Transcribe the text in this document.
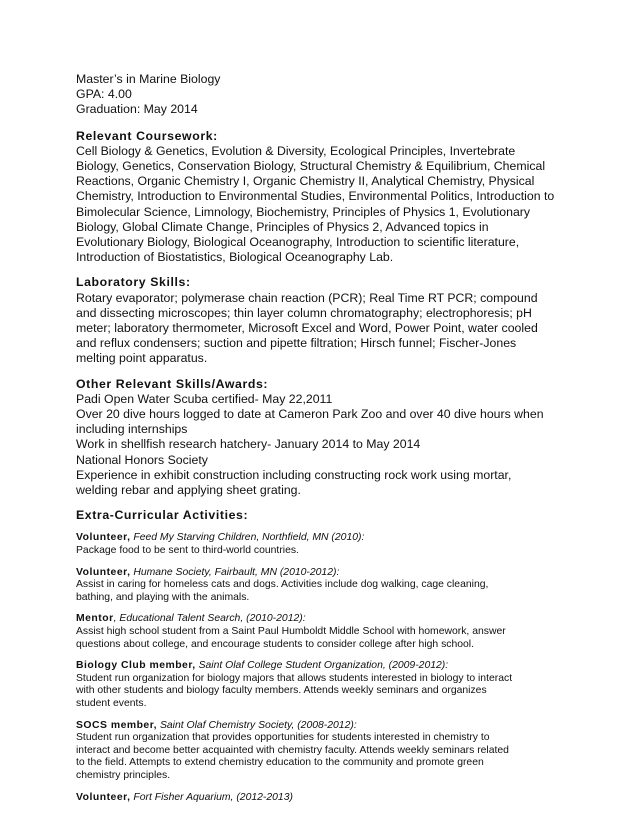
Master’s in Marine Biology
GPA: 4.00
Graduation: May 2014
Relevant Coursework:
Cell Biology & Genetics, Evolution & Diversity, Ecological Principles, Invertebrate
Biology, Genetics, Conservation Biology, Structural Chemistry & Equilibrium, Chemical
Reactions, Organic Chemistry I, Organic Chemistry II, Analytical Chemistry, Physical
Chemistry, Introduction to Environmental Studies, Environmental Politics, Introduction to
Bimolecular Science, Limnology, Biochemistry, Principles of Physics 1, Evolutionary
Biology, Global Climate Change, Principles of Physics 2, Advanced topics in
Evolutionary Biology, Biological Oceanography, Introduction to scientific literature,
Introduction of Biostatistics, Biological Oceanography Lab.
Laboratory Skills:
Rotary evaporator; polymerase chain reaction (PCR); Real Time RT PCR; compound
and dissecting microscopes; thin layer column chromatography; electrophoresis; pH
meter; laboratory thermometer, Microsoft Excel and Word, Power Point, water cooled
and reflux condensers; suction and pipette filtration; Hirsch funnel; Fischer-Jones
melting point apparatus.
Other Relevant Skills/Awards:
Padi Open Water Scuba certified- May 22,2011
Over 20 dive hours logged to date at Cameron Park Zoo and over 40 dive hours when
including internships
Work in shellfish research hatchery- January 2014 to May 2014
National Honors Society
Experience in exhibit construction including constructing rock work using mortar,
welding rebar and applying sheet grating.
Extra-Curricular Activities:
Volunteer, Feed My Starving Children, Northfield, MN (2010):
Package food to be sent to third-world countries.
Volunteer, Humane Society, Fairbault, MN (2010-2012):
Assist in caring for homeless cats and dogs. Activities include dog walking, cage cleaning,
bathing, and playing with the animals.
Mentor, Educational Talent Search, (2010-2012):
Assist high school student from a Saint Paul Humboldt Middle School with homework, answer
questions about college, and encourage students to consider college after high school.
Biology Club member, Saint Olaf College Student Organization, (2009-2012):
Student run organization for biology majors that allows students interested in biology to interact
with other students and biology faculty members. Attends weekly seminars and organizes
student events.
SOCS member, Saint Olaf Chemistry Society, (2008-2012):
Student run organization that provides opportunities for students interested in chemistry to
interact and become better acquainted with chemistry faculty. Attends weekly seminars related
to the field. Attempts to extend chemistry education to the community and promote green
chemistry principles.
Volunteer, Fort Fisher Aquarium, (2012-2013)
